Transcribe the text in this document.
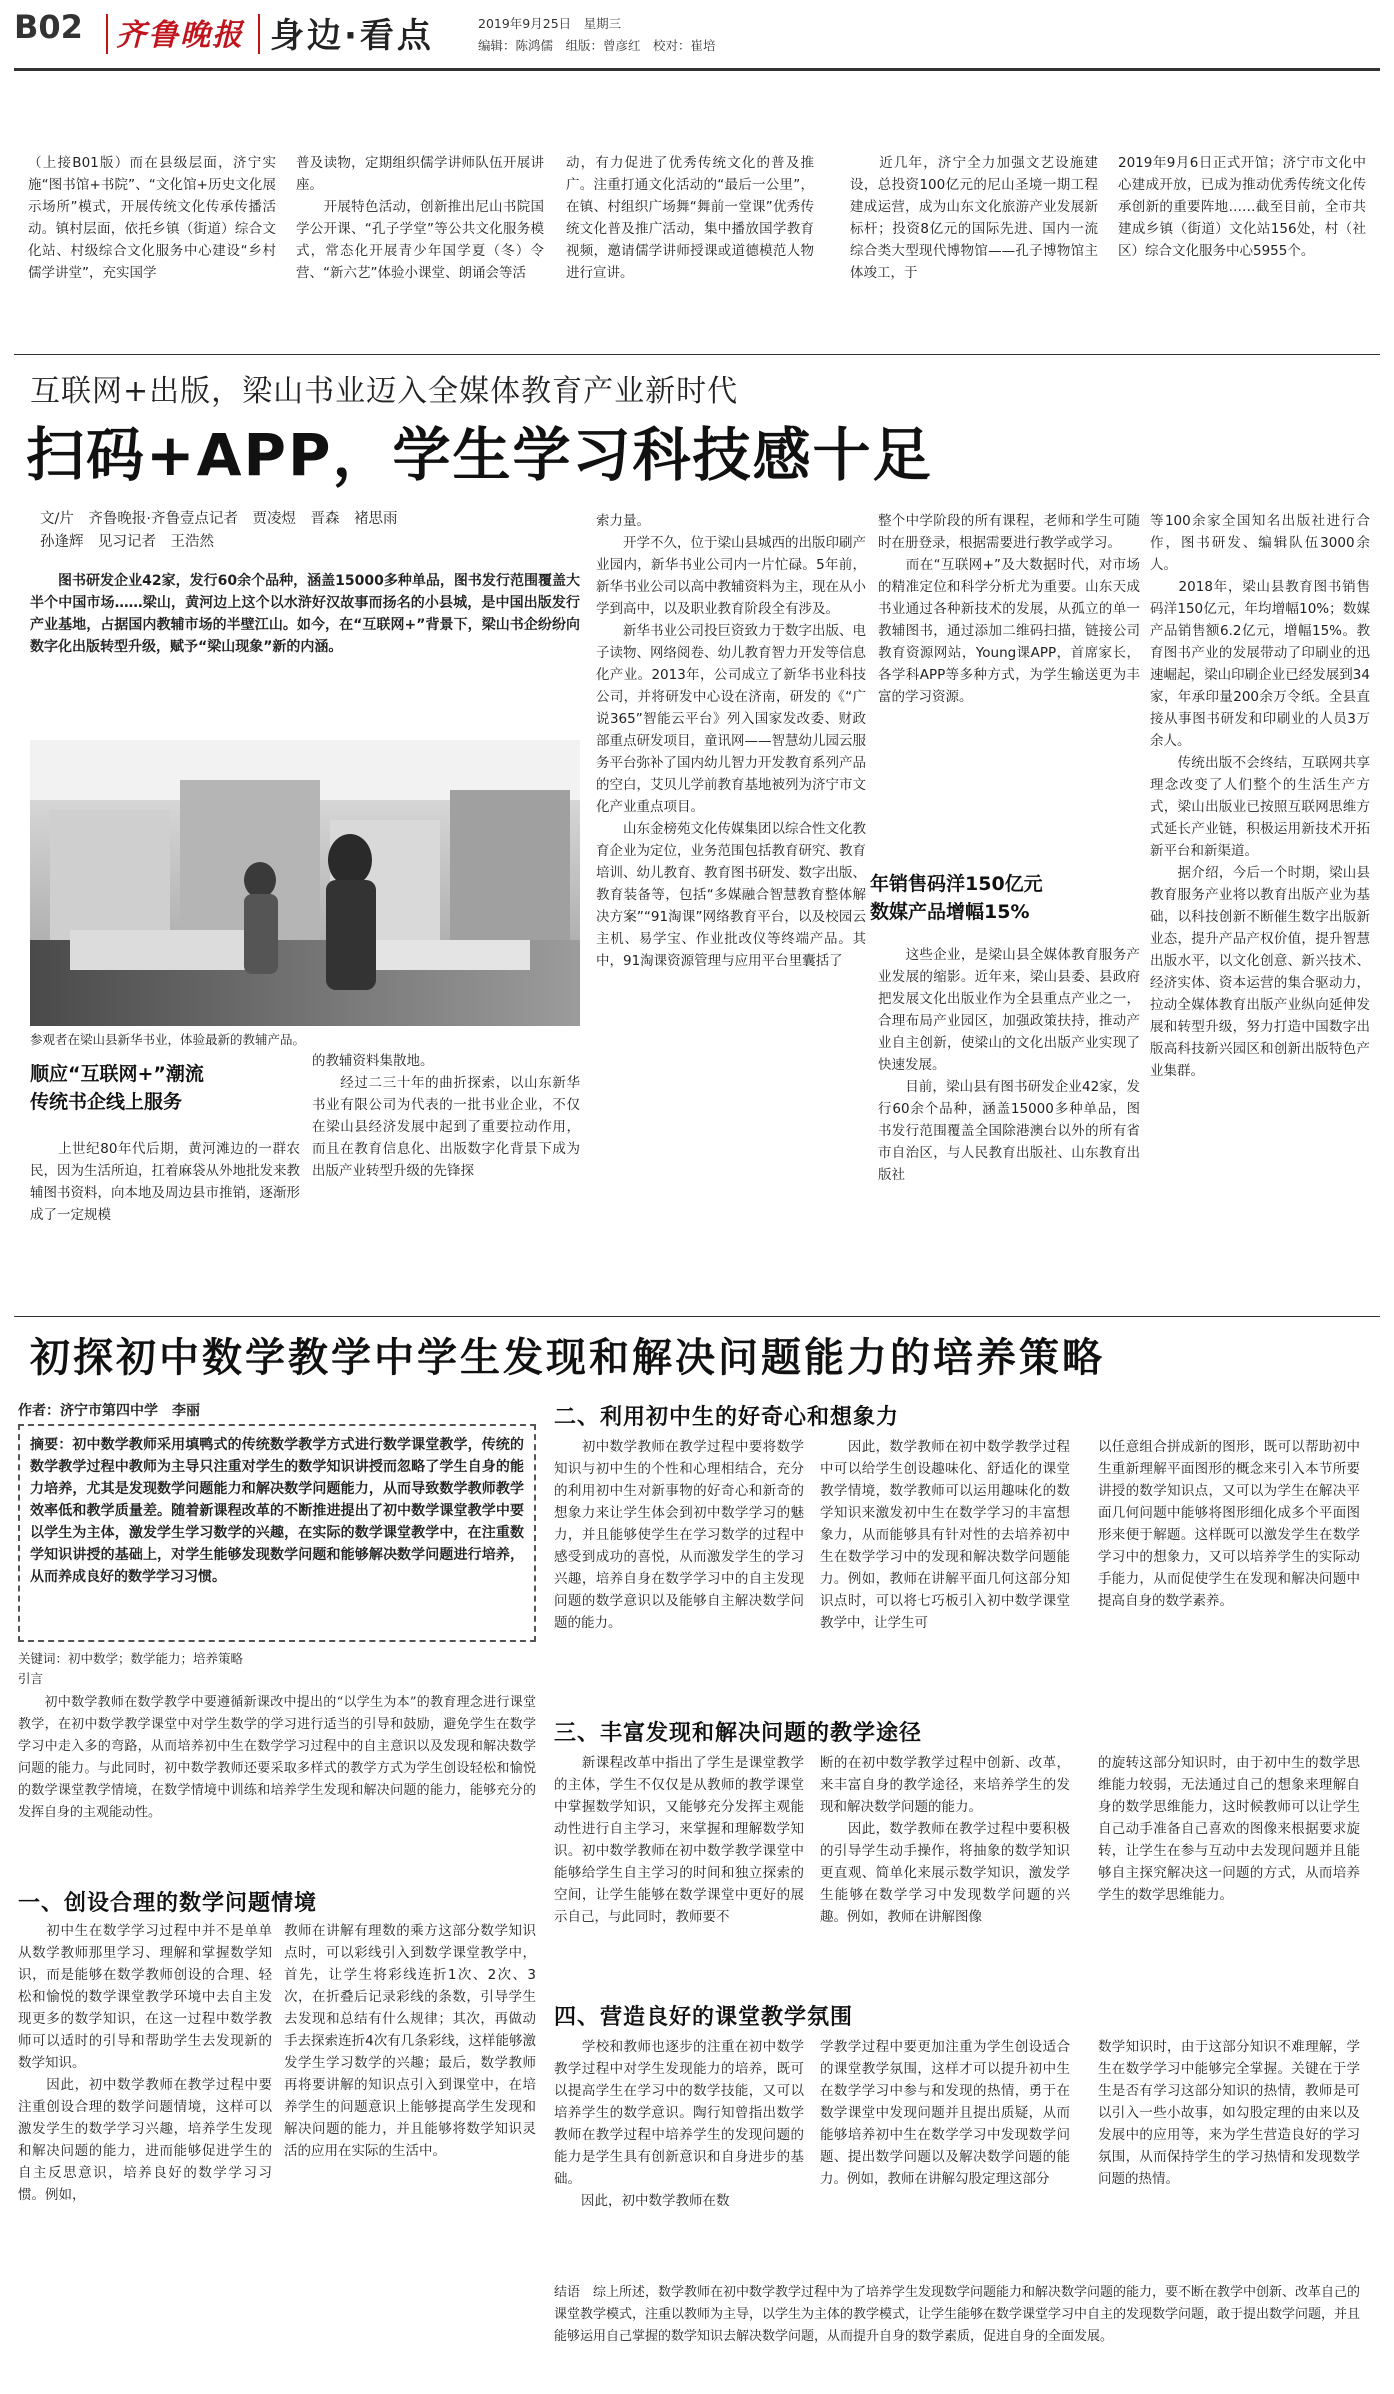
B02 齐鲁晚报 身边·看点	2019年9月25日　星期三
编辑：陈鸿儒　组版：曾彦红　校对：崔培
（上接B01版）而在县级层面，济宁实施“图书馆+书院”、“文化馆+历史文化展示场所”模式，开展传统文化传承传播活动。镇村层面，依托乡镇（街道）综合文化站、村级综合文化服务中心建设“乡村儒学讲堂”，充实国学
普及读物，定期组织儒学讲师队伍开展讲座。
　　开展特色活动，创新推出尼山书院国学公开课、“孔子学堂”等公共文化服务模式，常态化开展青少年国学夏（冬）令营、“新六艺”体验小课堂、朗诵会等活
动，有力促进了优秀传统文化的普及推广。注重打通文化活动的“最后一公里”，在镇、村组织广场舞“舞前一堂课”优秀传统文化普及推广活动，集中播放国学教育视频，邀请儒学讲师授课或道德模范人物进行宣讲。
　　近几年，济宁全力加强文艺设施建设，总投资100亿元的尼山圣境一期工程建成运营，成为山东文化旅游产业发展新标杆；投资8亿元的国际先进、国内一流综合类大型现代博物馆——孔子博物馆主体竣工，于
2019年9月6日正式开馆；济宁市文化中心建成开放，已成为推动优秀传统文化传承创新的重要阵地……截至目前，全市共建成乡镇（街道）文化站156处，村（社区）综合文化服务中心5955个。
互联网+出版，梁山书业迈入全媒体教育产业新时代
扫码+APP，学生学习科技感十足
文/片　齐鲁晚报·齐鲁壹点记者　贾凌煜　晋森　褚思雨
孙逢辉　见习记者　王浩然
　　图书研发企业42家，发行60余个品种，涵盖15000多种单品，图书发行范围覆盖大半个中国市场……梁山，黄河边上这个以水浒好汉故事而扬名的小县城，是中国出版发行产业基地，占据国内教辅市场的半壁江山。如今，在“互联网+”背景下，梁山书企纷纷向数字化出版转型升级，赋予“梁山现象”新的内涵。
参观者在梁山县新华书业，体验最新的教辅产品。
顺应“互联网+”潮流
传统书企线上服务
　　上世纪80年代后期，黄河滩边的一群农民，因为生活所迫，扛着麻袋从外地批发来教辅图书资料，向本地及周边县市推销，逐渐形成了一定规模
的教辅资料集散地。
　　经过二三十年的曲折探索，以山东新华书业有限公司为代表的一批书业企业，不仅在梁山县经济发展中起到了重要拉动作用，而且在教育信息化、出版数字化背景下成为出版产业转型升级的先锋探
索力量。
　　开学不久，位于梁山县城西的出版印刷产业园内，新华书业公司内一片忙碌。5年前，新华书业公司以高中教辅资料为主，现在从小学到高中，以及职业教育阶段全有涉及。
　　新华书业公司投巨资致力于数字出版、电子读物、网络阅卷、幼儿教育智力开发等信息化产业。2013年，公司成立了新华书业科技公司，并将研发中心设在济南，研发的《“广说365”智能云平台》列入国家发改委、财政部重点研发项目，童讯网——智慧幼儿园云服务平台弥补了国内幼儿智力开发教育系列产品的空白，艾贝儿学前教育基地被列为济宁市文化产业重点项目。
　　山东金榜苑文化传媒集团以综合性文化教育企业为定位，业务范围包括教育研究、教育培训、幼儿教育、教育图书研发、数字出版、教育装备等，包括“多媒融合智慧教育整体解决方案”“91淘课”网络教育平台，以及校园云主机、易学宝、作业批改仪等终端产品。其中，91淘课资源管理与应用平台里囊括了
整个中学阶段的所有课程，老师和学生可随时在册登录，根据需要进行教学或学习。
　　而在“互联网+”及大数据时代，对市场的精准定位和科学分析尤为重要。山东天成书业通过各种新技术的发展，从孤立的单一教辅图书，通过添加二维码扫描，链接公司教育资源网站，Young课APP，首席家长，各学科APP等多种方式，为学生输送更为丰富的学习资源。
年销售码洋150亿元
数媒产品增幅15%
　　这些企业，是梁山县全媒体教育服务产业发展的缩影。近年来，梁山县委、县政府把发展文化出版业作为全县重点产业之一，合理布局产业园区，加强政策扶持，推动产业自主创新，使梁山的文化出版产业实现了快速发展。
　　目前，梁山县有图书研发企业42家，发行60余个品种，涵盖15000多种单品，图书发行范围覆盖全国除港澳台以外的所有省市自治区，与人民教育出版社、山东教育出版社
等100余家全国知名出版社进行合作，图书研发、编辑队伍3000余人。
　　2018年，梁山县教育图书销售码洋150亿元，年均增幅10%；数媒产品销售额6.2亿元，增幅15%。教育图书产业的发展带动了印刷业的迅速崛起，梁山印刷企业已经发展到34家，年承印量200余万令纸。全县直接从事图书研发和印刷业的人员3万余人。
　　传统出版不会终结，互联网共享理念改变了人们整个的生活生产方式，梁山出版业已按照互联网思维方式延长产业链，积极运用新技术开拓新平台和新渠道。
　　据介绍，今后一个时期，梁山县教育服务产业将以教育出版产业为基础，以科技创新不断催生数字出版新业态，提升产品产权价值，提升智慧出版水平，以文化创意、新兴技术、经济实体、资本运营的集合驱动力，拉动全媒体教育出版产业纵向延伸发展和转型升级，努力打造中国数字出版高科技新兴园区和创新出版特色产业集群。
初探初中数学教学中学生发现和解决问题能力的培养策略
作者：济宁市第四中学　李丽
摘要：初中数学教师采用填鸭式的传统数学教学方式进行数学课堂教学，传统的数学教学过程中教师为主导只注重对学生的数学知识讲授而忽略了学生自身的能力培养，尤其是发现数学问题能力和解决数学问题能力，从而导致数学教师教学效率低和教学质量差。随着新课程改革的不断推进提出了初中数学课堂教学中要以学生为主体，激发学生学习数学的兴趣，在实际的数学课堂教学中，在注重数学知识讲授的基础上，对学生能够发现数学问题和能够解决数学问题进行培养，从而养成良好的数学学习习惯。
关键词：初中数学；数学能力；培养策略
引言
　　初中数学教师在数学教学中要遵循新课改中提出的“以学生为本”的教育理念进行课堂教学，在初中数学教学课堂中对学生数学的学习进行适当的引导和鼓励，避免学生在数学学习中走入多的弯路，从而培养初中生在数学学习过程中的自主意识以及发现和解决数学问题的能力。与此同时，初中数学教师还要采取多样式的教学方式为学生创设轻松和愉悦的数学课堂教学情境，在数学情境中训练和培养学生发现和解决问题的能力，能够充分的发挥自身的主观能动性。
一、创设合理的数学问题情境
　　初中生在数学学习过程中并不是单单从数学教师那里学习、理解和掌握数学知识，而是能够在数学教师创设的合理、轻松和愉悦的数学课堂教学环境中去自主发现更多的数学知识，在这一过程中数学教师可以适时的引导和帮助学生去发现新的数学知识。
　　因此，初中数学教师在教学过程中要注重创设合理的数学问题情境，这样可以激发学生的数学学习兴趣，培养学生发现和解决问题的能力，进而能够促进学生的自主反思意识，培养良好的数学学习习惯。例如，
教师在讲解有理数的乘方这部分数学知识点时，可以彩线引入到数学课堂教学中，首先，让学生将彩线连折1次、2次、3次，在折叠后记录彩线的条数，引导学生去发现和总结有什么规律；其次，再做动手去探索连折4次有几条彩线，这样能够激发学生学习数学的兴趣；最后，数学教师再将要讲解的知识点引入到课堂中，在培养学生的问题意识上能够提高学生发现和解决问题的能力，并且能够将数学知识灵活的应用在实际的生活中。
二、利用初中生的好奇心和想象力
　　初中数学教师在教学过程中要将数学知识与初中生的个性和心理相结合，充分的利用初中生对新事物的好奇心和新奇的想象力来让学生体会到初中数学学习的魅力，并且能够使学生在学习数学的过程中感受到成功的喜悦，从而激发学生的学习兴趣，培养自身在数学学习中的自主发现问题的数学意识以及能够自主解决数学问题的能力。
　　因此，数学教师在初中数学教学过程中可以给学生创设趣味化、舒适化的课堂教学情境，数学教师可以运用趣味化的数学知识来激发初中生在数学学习的丰富想象力，从而能够具有针对性的去培养初中生在数学学习中的发现和解决数学问题能力。例如，教师在讲解平面几何这部分知识点时，可以将七巧板引入初中数学课堂教学中，让学生可
以任意组合拼成新的图形，既可以帮助初中生重新理解平面图形的概念来引入本节所要讲授的数学知识点，又可以为学生在解决平面几何问题中能够将图形细化成多个平面图形来便于解题。这样既可以激发学生在数学学习中的想象力，又可以培养学生的实际动手能力，从而促使学生在发现和解决问题中提高自身的数学素养。
三、丰富发现和解决问题的教学途径
　　新课程改革中指出了学生是课堂教学的主体，学生不仅仅是从教师的教学课堂中掌握数学知识，又能够充分发挥主观能动性进行自主学习，来掌握和理解数学知识。初中数学教师在初中数学教学课堂中能够给学生自主学习的时间和独立探索的空间，让学生能够在数学课堂中更好的展示自己，与此同时，教师要不
断的在初中数学教学过程中创新、改革，来丰富自身的教学途径，来培养学生的发现和解决数学问题的能力。
　　因此，数学教师在教学过程中要积极的引导学生动手操作，将抽象的数学知识更直观、简单化来展示数学知识，激发学生能够在数学学习中发现数学问题的兴趣。例如，教师在讲解图像
的旋转这部分知识时，由于初中生的数学思维能力较弱，无法通过自己的想象来理解自身的数学思维能力，这时候教师可以让学生自己动手准备自己喜欢的图像来根据要求旋转，让学生在参与互动中去发现问题并且能够自主探究解决这一问题的方式，从而培养学生的数学思维能力。
四、营造良好的课堂教学氛围
　　学校和教师也逐步的注重在初中数学教学过程中对学生发现能力的培养，既可以提高学生在学习中的数学技能，又可以培养学生的数学意识。陶行知曾指出数学教师在教学过程中培养学生的发现问题的能力是学生具有创新意识和自身进步的基础。
　　因此，初中数学教师在数
学教学过程中要更加注重为学生创设适合的课堂教学氛围，这样才可以提升初中生在数学学习中参与和发现的热情，勇于在数学课堂中发现问题并且提出质疑，从而能够培养初中生在数学学习中发现数学问题、提出数学问题以及解决数学问题的能力。例如，教师在讲解勾股定理这部分
数学知识时，由于这部分知识不难理解，学生在数学学习中能够完全掌握。关键在于学生是否有学习这部分知识的热情，教师是可以引入一些小故事，如勾股定理的由来以及发展中的应用等，来为学生营造良好的学习氛围，从而保持学生的学习热情和发现数学问题的热情。
结语　综上所述，数学教师在初中数学教学过程中为了培养学生发现数学问题能力和解决数学问题的能力，要不断在教学中创新、改革自己的课堂教学模式，注重以教师为主导，以学生为主体的教学模式，让学生能够在数学课堂学习中自主的发现数学问题，敢于提出数学问题，并且能够运用自己掌握的数学知识去解决数学问题，从而提升自身的数学素质，促进自身的全面发展。
